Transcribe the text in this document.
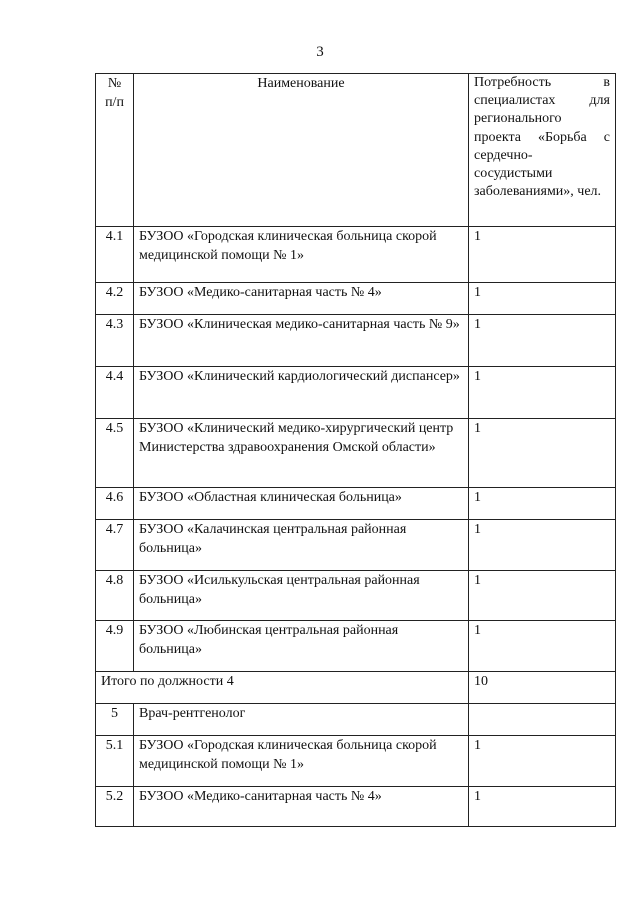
3
№
п/п	Наименование	Потребность в специалистах для регионального проекта «Борьба с сердечно-сосудистыми заболеваниями», чел.
4.1	БУЗОО «Городская клиническая больница скорой медицинской помощи № 1»	1
4.2	БУЗОО «Медико-санитарная часть № 4»	1
4.3	БУЗОО «Клиническая медико-санитарная часть № 9»	1
4.4	БУЗОО «Клинический кардиологический диспансер»	1
4.5	БУЗОО «Клинический медико-хирургический центр Министерства здравоохранения Омской области»	1
4.6	БУЗОО «Областная клиническая больница»	1
4.7	БУЗОО «Калачинская центральная районная больница»	1
4.8	БУЗОО «Исилькульская центральная районная больница»	1
4.9	БУЗОО «Любинская центральная районная больница»	1
Итого по должности 4		10
5	Врач-рентгенолог	
5.1	БУЗОО «Городская клиническая больница скорой медицинской помощи № 1»	1
5.2	БУЗОО «Медико-санитарная часть № 4»	1
